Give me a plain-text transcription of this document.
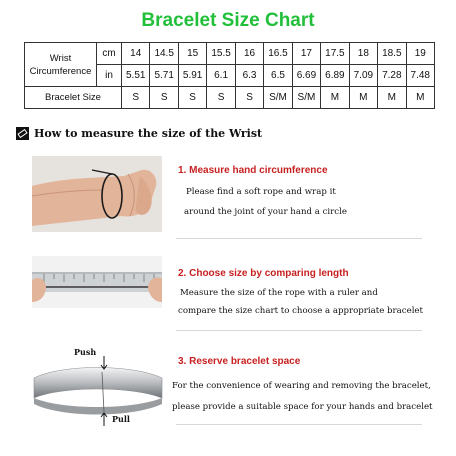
Bracelet Size Chart
Wrist
Circumference	cm	14	14.5	15	15.5	16	16.5	17	17.5	18	18.5	19
	in	5.51	5.71	5.91	6.1	6.3	6.5	6.69	6.89	7.09	7.28	7.48
Bracelet Size		S	S	S	S	S	S/M	S/M	M	M	M	M
How to measure the size of the Wrist
1. Measure hand circumference
Please find a soft rope and wrap it
around the joint of your hand a circle
2. Choose size by comparing length
Measure the size of the rope with a ruler and
compare the size chart to choose a appropriate bracelet
Push
Pull
3. Reserve bracelet space
For the convenience of wearing and removing the bracelet,
please provide a suitable space for your hands and bracelet
